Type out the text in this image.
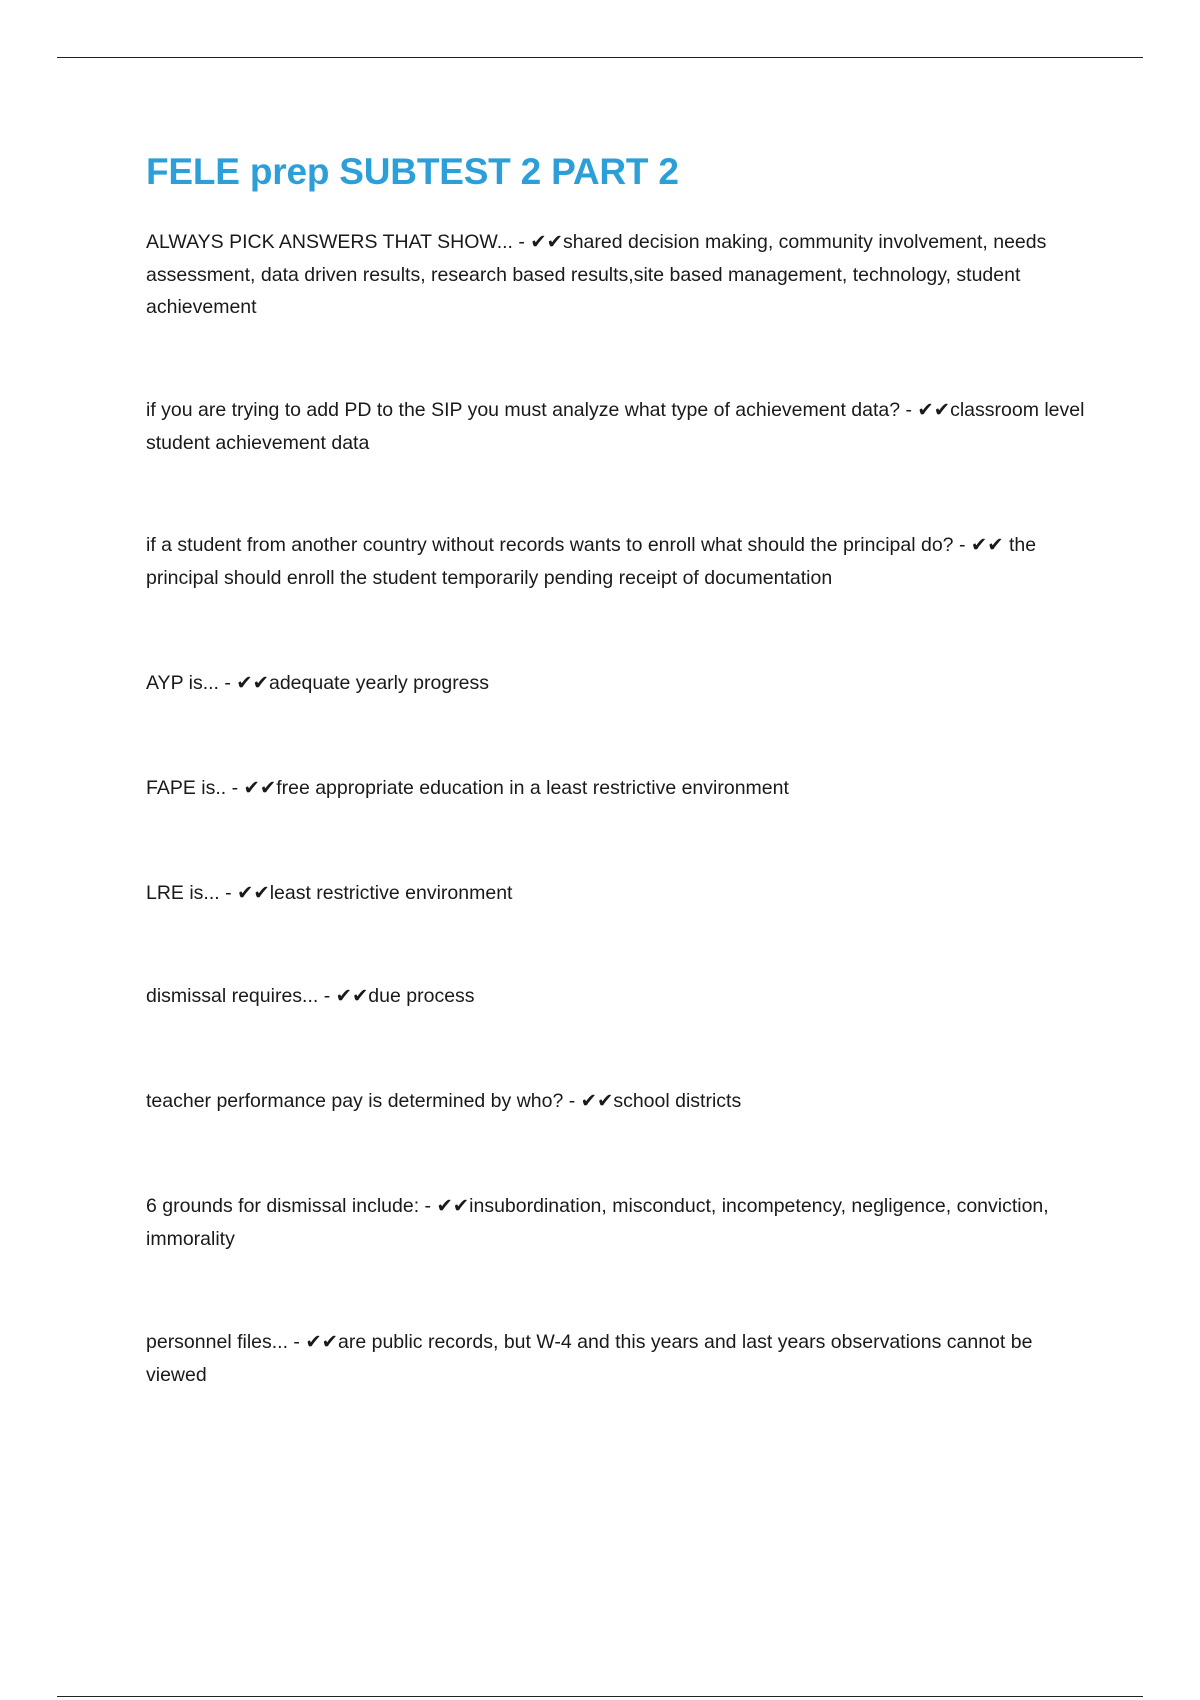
FELE prep SUBTEST 2 PART 2
ALWAYS PICK ANSWERS THAT SHOW... - ✔✔shared decision making, community involvement, needs assessment, data driven results, research based results,site based management, technology, student achievement
if you are trying to add PD to the SIP you must analyze what type of achievement data? - ✔✔classroom level student achievement data
if a student from another country without records wants to enroll what should the principal do? - ✔✔ the principal should enroll the student temporarily pending receipt of documentation
AYP is... - ✔✔adequate yearly progress
FAPE is.. - ✔✔free appropriate education in a least restrictive environment
LRE is... - ✔✔least restrictive environment
dismissal requires... - ✔✔due process
teacher performance pay is determined by who? - ✔✔school districts
6 grounds for dismissal include: - ✔✔insubordination, misconduct, incompetency, negligence, conviction, immorality
personnel files... - ✔✔are public records, but W-4 and this years and last years observations cannot be viewed
